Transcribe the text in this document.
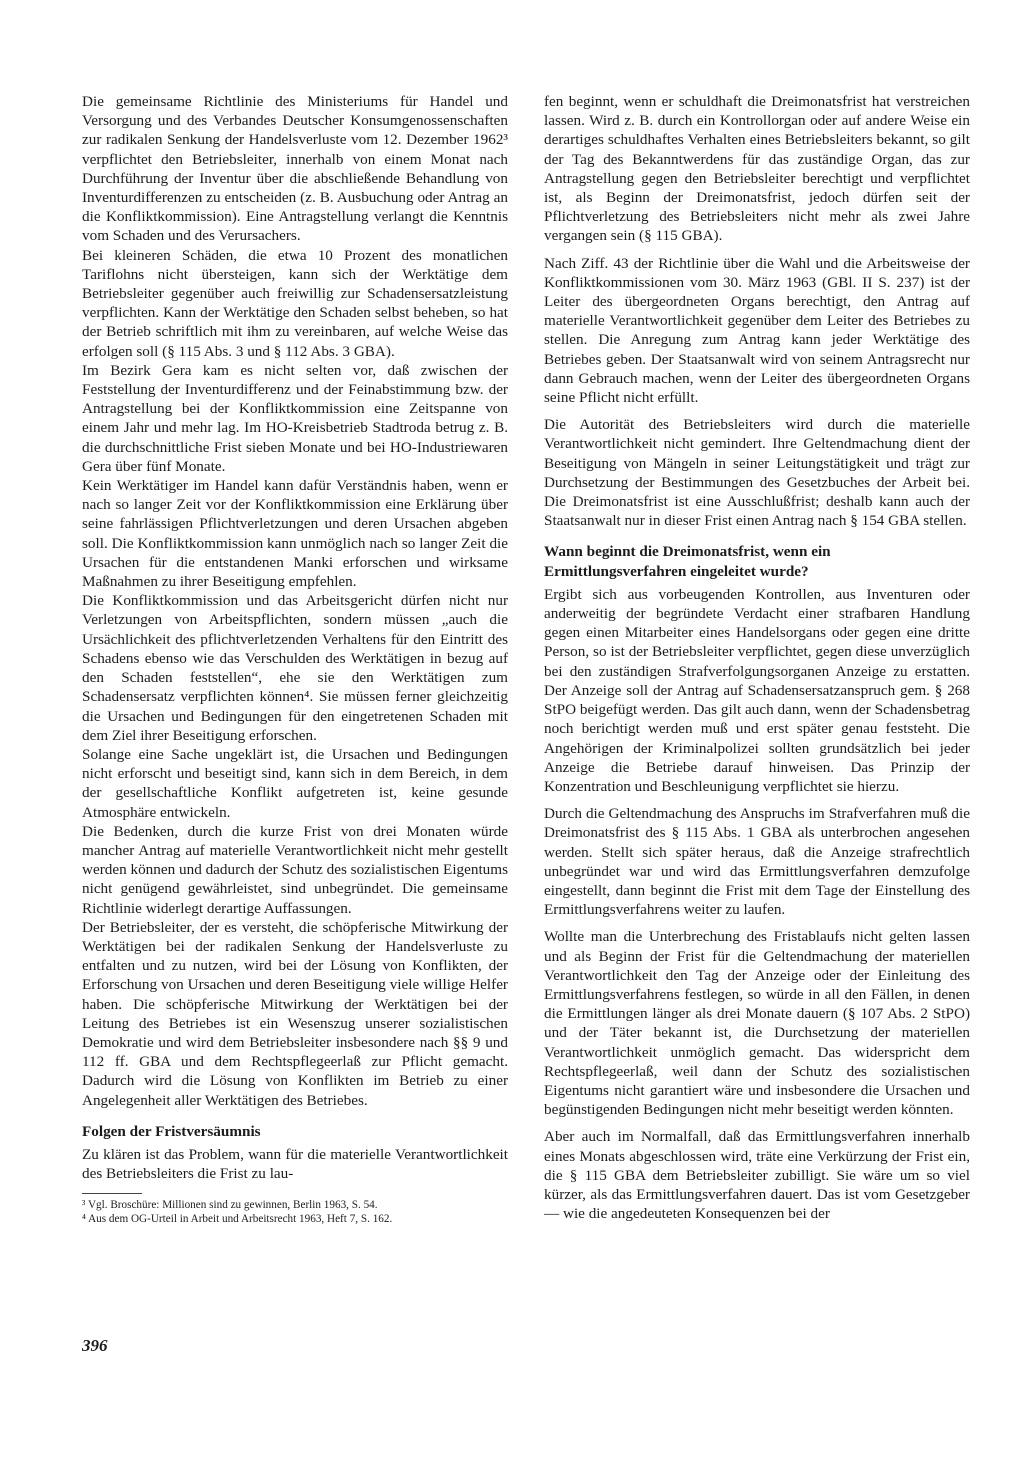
Die gemeinsame Richtlinie des Ministeriums für Handel und Versorgung und des Verbandes Deutscher Konsumgenossenschaften zur radikalen Senkung der Handelsverluste vom 12. Dezember 1962³ verpflichtet den Betriebsleiter, innerhalb von einem Monat nach Durchführung der Inventur über die abschließende Behandlung von Inventurdifferenzen zu entscheiden (z. B. Ausbuchung oder Antrag an die Konfliktkommission). Eine Antragstellung verlangt die Kenntnis vom Schaden und des Verursachers.

Bei kleineren Schäden, die etwa 10 Prozent des monatlichen Tariflohns nicht übersteigen, kann sich der Werktätige dem Betriebsleiter gegenüber auch freiwillig zur Schadensersatzleistung verpflichten. Kann der Werktätige den Schaden selbst beheben, so hat der Betrieb schriftlich mit ihm zu vereinbaren, auf welche Weise das erfolgen soll (§ 115 Abs. 3 und § 112 Abs. 3 GBA).

Im Bezirk Gera kam es nicht selten vor, daß zwischen der Feststellung der Inventurdifferenz und der Feinabstimmung bzw. der Antragstellung bei der Konfliktkommission eine Zeitspanne von einem Jahr und mehr lag. Im HO-Kreisbetrieb Stadtroda betrug z. B. die durchschnittliche Frist sieben Monate und bei HO-Industriewaren Gera über fünf Monate.

Kein Werktätiger im Handel kann dafür Verständnis haben, wenn er nach so langer Zeit vor der Konfliktkommission eine Erklärung über seine fahrlässigen Pflichtverletzungen und deren Ursachen abgeben soll. Die Konfliktkommission kann unmöglich nach so langer Zeit die Ursachen für die entstandenen Manki erforschen und wirksame Maßnahmen zu ihrer Beseitigung empfehlen.

Die Konfliktkommission und das Arbeitsgericht dürfen nicht nur Verletzungen von Arbeitspflichten, sondern müssen „auch die Ursächlichkeit des pflichtverletzenden Verhaltens für den Eintritt des Schadens ebenso wie das Verschulden des Werktätigen in bezug auf den Schaden feststellen“, ehe sie den Werktätigen zum Schadensersatz verpflichten können⁴. Sie müssen ferner gleichzeitig die Ursachen und Bedingungen für den eingetretenen Schaden mit dem Ziel ihrer Beseitigung erforschen.

Solange eine Sache ungeklärt ist, die Ursachen und Bedingungen nicht erforscht und beseitigt sind, kann sich in dem Bereich, in dem der gesellschaftliche Konflikt aufgetreten ist, keine gesunde Atmosphäre entwickeln.

Die Bedenken, durch die kurze Frist von drei Monaten würde mancher Antrag auf materielle Verantwortlichkeit nicht mehr gestellt werden können und dadurch der Schutz des sozialistischen Eigentums nicht genügend gewährleistet, sind unbegründet. Die gemeinsame Richtlinie widerlegt derartige Auffassungen.

Der Betriebsleiter, der es versteht, die schöpferische Mitwirkung der Werktätigen bei der radikalen Senkung der Handelsverluste zu entfalten und zu nutzen, wird bei der Lösung von Konflikten, der Erforschung von Ursachen und deren Beseitigung viele willige Helfer haben. Die schöpferische Mitwirkung der Werktätigen bei der Leitung des Betriebes ist ein Wesenszug unserer sozialistischen Demokratie und wird dem Betriebsleiter insbesondere nach §§ 9 und 112 ff. GBA und dem Rechtspflegeerlaß zur Pflicht gemacht. Dadurch wird die Lösung von Konflikten im Betrieb zu einer Angelegenheit aller Werktätigen des Betriebes.

Folgen der Fristversäumnis

Zu klären ist das Problem, wann für die materielle Verantwortlichkeit des Betriebsleiters die Frist zu lau-

³ Vgl. Broschüre: Millionen sind zu gewinnen, Berlin 1963, S. 54.

⁴ Aus dem OG-Urteil in Arbeit und Arbeitsrecht 1963, Heft 7, S. 162.

fen beginnt, wenn er schuldhaft die Dreimonatsfrist hat verstreichen lassen. Wird z. B. durch ein Kontrollorgan oder auf andere Weise ein derartiges schuldhaftes Verhalten eines Betriebsleiters bekannt, so gilt der Tag des Bekanntwerdens für das zuständige Organ, das zur Antragstellung gegen den Betriebsleiter berechtigt und verpflichtet ist, als Beginn der Dreimonatsfrist, jedoch dürfen seit der Pflichtverletzung des Betriebsleiters nicht mehr als zwei Jahre vergangen sein (§ 115 GBA).

Nach Ziff. 43 der Richtlinie über die Wahl und die Arbeitsweise der Konfliktkommissionen vom 30. März 1963 (GBl. II S. 237) ist der Leiter des übergeordneten Organs berechtigt, den Antrag auf materielle Verantwortlichkeit gegenüber dem Leiter des Betriebes zu stellen. Die Anregung zum Antrag kann jeder Werktätige des Betriebes geben. Der Staatsanwalt wird von seinem Antragsrecht nur dann Gebrauch machen, wenn der Leiter des übergeordneten Organs seine Pflicht nicht erfüllt.

Die Autorität des Betriebsleiters wird durch die materielle Verantwortlichkeit nicht gemindert. Ihre Geltendmachung dient der Beseitigung von Mängeln in seiner Leitungstätigkeit und trägt zur Durchsetzung der Bestimmungen des Gesetzbuches der Arbeit bei. Die Dreimonatsfrist ist eine Ausschlußfrist; deshalb kann auch der Staatsanwalt nur in dieser Frist einen Antrag nach § 154 GBA stellen.

Wann beginnt die Dreimonatsfrist, wenn ein Ermittlungsverfahren eingeleitet wurde?

Ergibt sich aus vorbeugenden Kontrollen, aus Inventuren oder anderweitig der begründete Verdacht einer strafbaren Handlung gegen einen Mitarbeiter eines Handelsorgans oder gegen eine dritte Person, so ist der Betriebsleiter verpflichtet, gegen diese unverzüglich bei den zuständigen Strafverfolgungsorganen Anzeige zu erstatten. Der Anzeige soll der Antrag auf Schadensersatzanspruch gem. § 268 StPO beigefügt werden. Das gilt auch dann, wenn der Schadensbetrag noch berichtigt werden muß und erst später genau feststeht. Die Angehörigen der Kriminalpolizei sollten grundsätzlich bei jeder Anzeige die Betriebe darauf hinweisen. Das Prinzip der Konzentration und Beschleunigung verpflichtet sie hierzu.

Durch die Geltendmachung des Anspruchs im Strafverfahren muß die Dreimonatsfrist des § 115 Abs. 1 GBA als unterbrochen angesehen werden. Stellt sich später heraus, daß die Anzeige strafrechtlich unbegründet war und wird das Ermittlungsverfahren demzufolge eingestellt, dann beginnt die Frist mit dem Tage der Einstellung des Ermittlungsverfahrens weiter zu laufen.

Wollte man die Unterbrechung des Fristablaufs nicht gelten lassen und als Beginn der Frist für die Geltendmachung der materiellen Verantwortlichkeit den Tag der Anzeige oder der Einleitung des Ermittlungsverfahrens festlegen, so würde in all den Fällen, in denen die Ermittlungen länger als drei Monate dauern (§ 107 Abs. 2 StPO) und der Täter bekannt ist, die Durchsetzung der materiellen Verantwortlichkeit unmöglich gemacht. Das widerspricht dem Rechtspflegeerlaß, weil dann der Schutz des sozialistischen Eigentums nicht garantiert wäre und insbesondere die Ursachen und begünstigenden Bedingungen nicht mehr beseitigt werden könnten.

Aber auch im Normalfall, daß das Ermittlungsverfahren innerhalb eines Monats abgeschlossen wird, träte eine Verkürzung der Frist ein, die § 115 GBA dem Betriebsleiter zubilligt. Sie wäre um so viel kürzer, als das Ermittlungsverfahren dauert. Das ist vom Gesetzgeber — wie die angedeuteten Konsequenzen bei der

396
